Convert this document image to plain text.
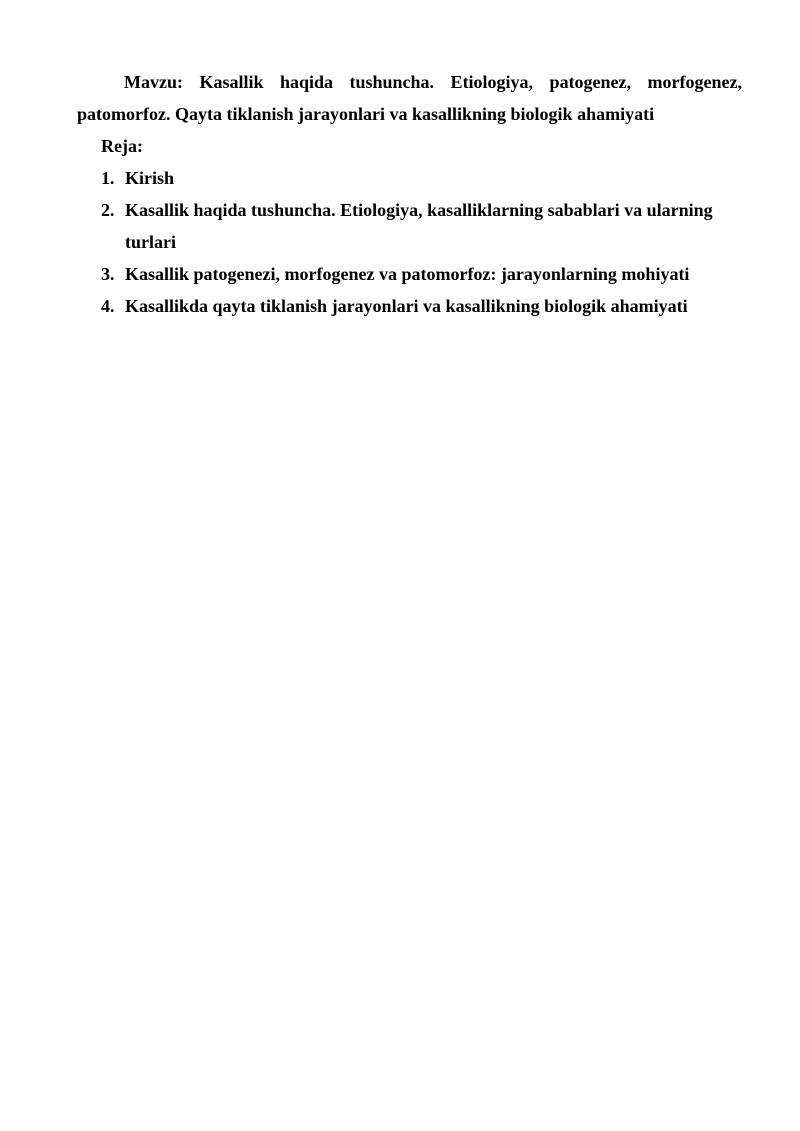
Mavzu: Kasallik haqida tushuncha. Etiologiya, patogenez, morfogenez, patomorfoz. Qayta tiklanish jarayonlari va kasallikning biologik ahamiyati

Reja:

1. Kirish
2. Kasallik haqida tushuncha. Etiologiya, kasalliklarning sabablari va ularning turlari
3. Kasallik patogenezi, morfogenez va patomorfoz: jarayonlarning mohiyati
4. Kasallikda qayta tiklanish jarayonlari va kasallikning biologik ahamiyati
